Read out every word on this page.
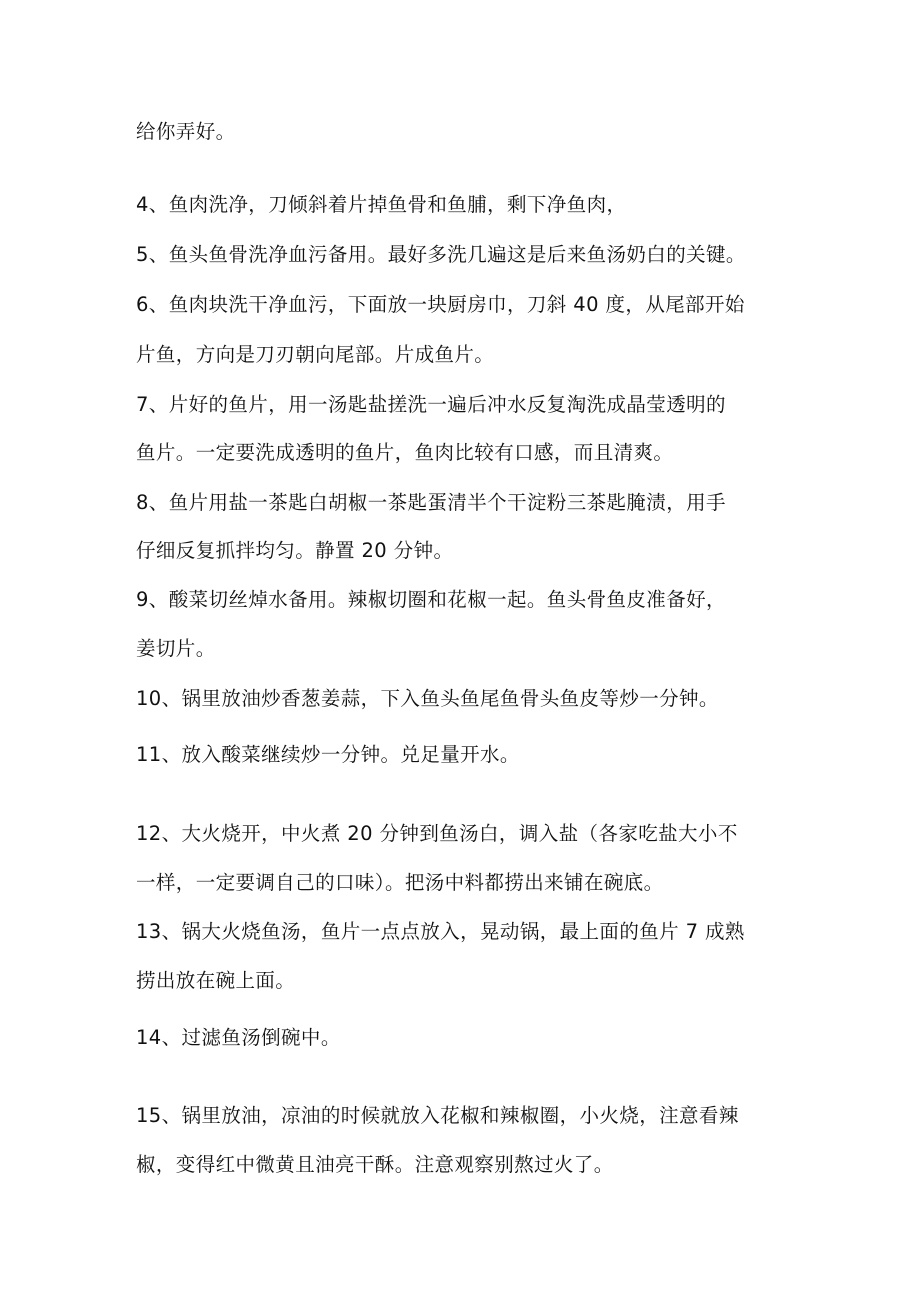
给你弄好。
4、鱼肉洗净，刀倾斜着片掉鱼骨和鱼脯，剩下净鱼肉，
5、鱼头鱼骨洗净血污备用。最好多洗几遍这是后来鱼汤奶白的关键。
6、鱼肉块洗干净血污，下面放一块厨房巾，刀斜 40 度，从尾部开始
片鱼，方向是刀刃朝向尾部。片成鱼片。
7、片好的鱼片，用一汤匙盐搓洗一遍后冲水反复淘洗成晶莹透明的
鱼片。一定要洗成透明的鱼片，鱼肉比较有口感，而且清爽。
8、鱼片用盐一茶匙白胡椒一茶匙蛋清半个干淀粉三茶匙腌渍，用手
仔细反复抓拌均匀。静置 20 分钟。
9、酸菜切丝焯水备用。辣椒切圈和花椒一起。鱼头骨鱼皮准备好，
姜切片。
10、锅里放油炒香葱姜蒜，下入鱼头鱼尾鱼骨头鱼皮等炒一分钟。
11、放入酸菜继续炒一分钟。兑足量开水。
12、大火烧开，中火煮 20 分钟到鱼汤白，调入盐（各家吃盐大小不
一样，一定要调自己的口味）。把汤中料都捞出来铺在碗底。
13、锅大火烧鱼汤，鱼片一点点放入，晃动锅，最上面的鱼片 7 成熟
捞出放在碗上面。
14、过滤鱼汤倒碗中。
15、锅里放油，凉油的时候就放入花椒和辣椒圈，小火烧，注意看辣
椒，变得红中微黄且油亮干酥。注意观察别熬过火了。
